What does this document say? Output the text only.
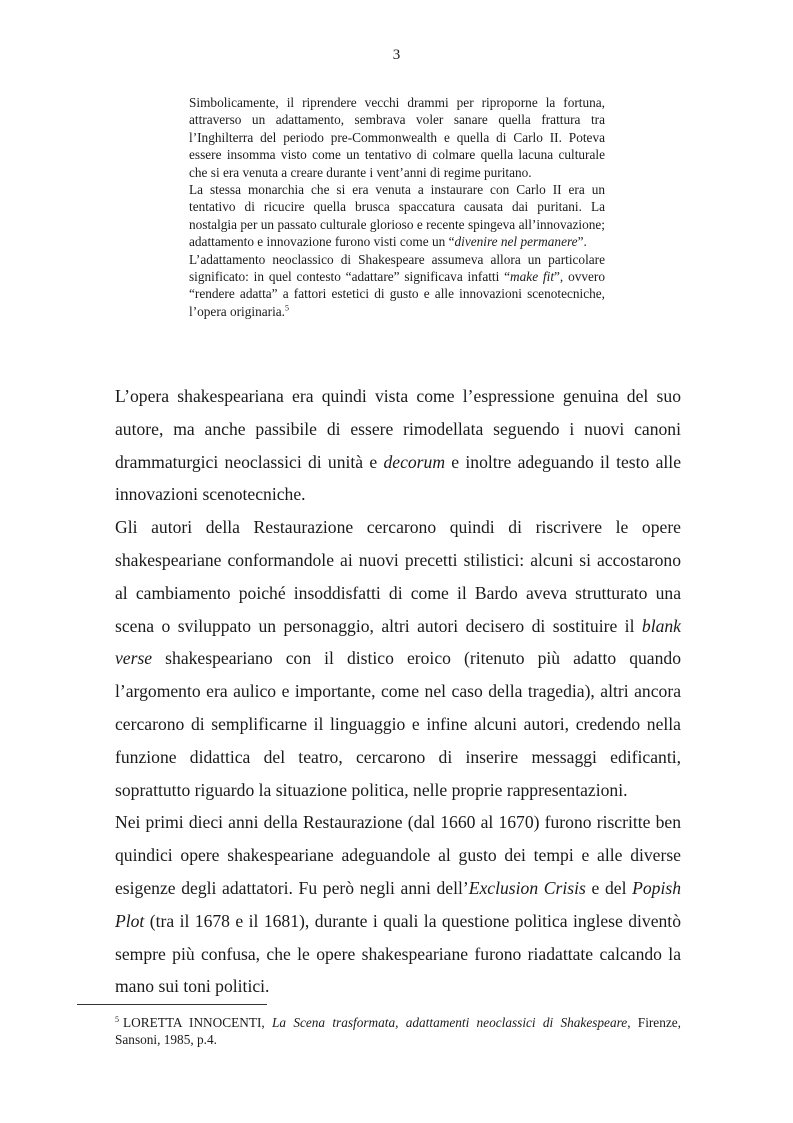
3

Simbolicamente, il riprendere vecchi drammi per riproporne la fortuna, attraverso un adattamento, sembrava voler sanare quella frattura tra l’Inghilterra del periodo pre-Commonwealth e quella di Carlo II. Poteva essere insomma visto come un tentativo di colmare quella lacuna culturale che si era venuta a creare durante i vent’anni di regime puritano.

La stessa monarchia che si era venuta a instaurare con Carlo II era un tentativo di ricucire quella brusca spaccatura causata dai puritani. La nostalgia per un passato culturale glorioso e recente spingeva all’innovazione; adattamento e innovazione furono visti come un “divenire nel permanere”.

L’adattamento neoclassico di Shakespeare assumeva allora un particolare significato: in quel contesto “adattare” significava infatti “make fit”, ovvero “rendere adatta” a fattori estetici di gusto e alle innovazioni scenotecniche, l’opera originaria.$^5$

L’opera shakespeariana era quindi vista come l’espressione genuina del suo autore, ma anche passibile di essere rimodellata seguendo i nuovi canoni drammaturgici neoclassici di unità e decorum e inoltre adeguando il testo alle innovazioni scenotecniche.

Gli autori della Restaurazione cercarono quindi di riscrivere le opere shakespeariane conformandole ai nuovi precetti stilistici: alcuni si accostarono al cambiamento poiché insoddisfatti di come il Bardo aveva strutturato una scena o sviluppato un personaggio, altri autori decisero di sostituire il blank verse shakespeariano con il distico eroico (ritenuto più adatto quando l’argomento era aulico e importante, come nel caso della tragedia), altri ancora cercarono di semplificarne il linguaggio e infine alcuni autori, credendo nella funzione didattica del teatro, cercarono di inserire messaggi edificanti, soprattutto riguardo la situazione politica, nelle proprie rappresentazioni.

Nei primi dieci anni della Restaurazione (dal 1660 al 1670) furono riscritte ben quindici opere shakespeariane adeguandole al gusto dei tempi e alle diverse esigenze degli adattatori. Fu però negli anni dell’Exclusion Crisis e del Popish Plot (tra il 1678 e il 1681), durante i quali la questione politica inglese diventò sempre più confusa, che le opere shakespeariane furono riadattate calcando la mano sui toni politici.

$^5$ LORETTA INNOCENTI, La Scena trasformata, adattamenti neoclassici di Shakespeare, Firenze, Sansoni, 1985, p.4.
